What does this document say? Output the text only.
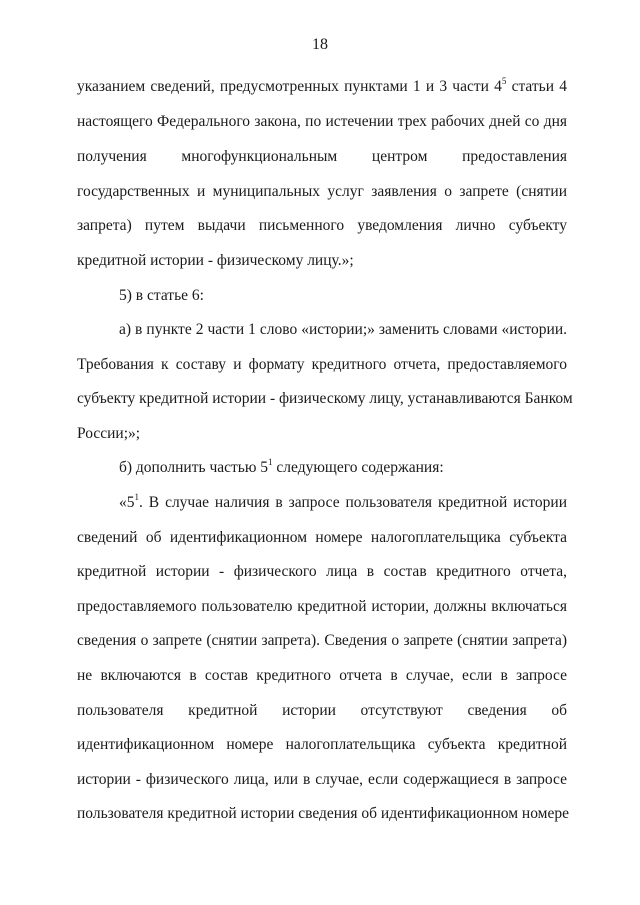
18
указанием сведений, предусмотренных пунктами 1 и 3 части $4^5$ статьи 4
настоящего Федерального закона, по истечении трех рабочих дней со дня
получения многофункциональным центром предоставления
государственных и муниципальных услуг заявления о запрете (снятии
запрета) путем выдачи письменного уведомления лично субъекту
кредитной истории - физическому лицу.»;
5) в статье 6:
а) в пункте 2 части 1 слово «истории;» заменить словами «истории.
Требования к составу и формату кредитного отчета, предоставляемого
субъекту кредитной истории - физическому лицу, устанавливаются Банком
России;»;
б) дополнить частью $5^1$ следующего содержания:
«$5^1$. В случае наличия в запросе пользователя кредитной истории
сведений об идентификационном номере налогоплательщика субъекта
кредитной истории - физического лица в состав кредитного отчета,
предоставляемого пользователю кредитной истории, должны включаться
сведения о запрете (снятии запрета). Сведения о запрете (снятии запрета)
не включаются в состав кредитного отчета в случае, если в запросе
пользователя кредитной истории отсутствуют сведения об
идентификационном номере налогоплательщика субъекта кредитной
истории - физического лица, или в случае, если содержащиеся в запросе
пользователя кредитной истории сведения об идентификационном номере
